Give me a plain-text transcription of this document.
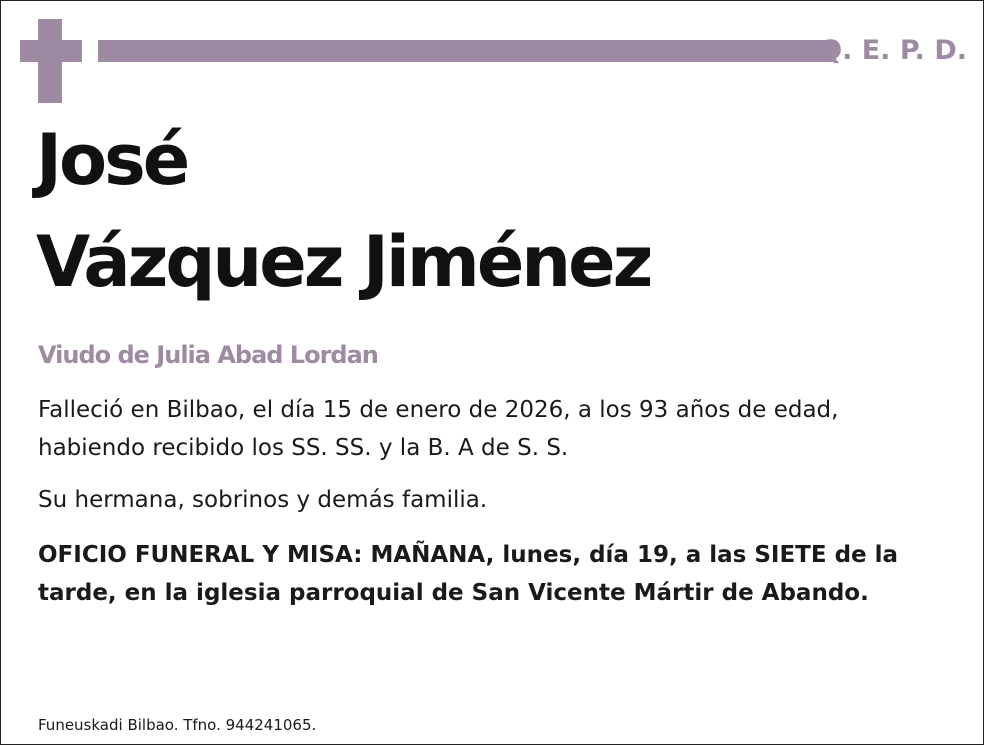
Q. E. P. D.
José
Vázquez Jiménez
Viudo de Julia Abad Lordan
Falleció en Bilbao, el día 15 de enero de 2026, a los 93 años de edad, habiendo recibido los SS. SS. y la B. A de S. S.
Su hermana, sobrinos y demás familia.
OFICIO FUNERAL Y MISA: MAÑANA, lunes, día 19, a las SIETE de la tarde, en la iglesia parroquial de San Vicente Mártir de Abando.
Funeuskadi Bilbao. Tfno. 944241065.
